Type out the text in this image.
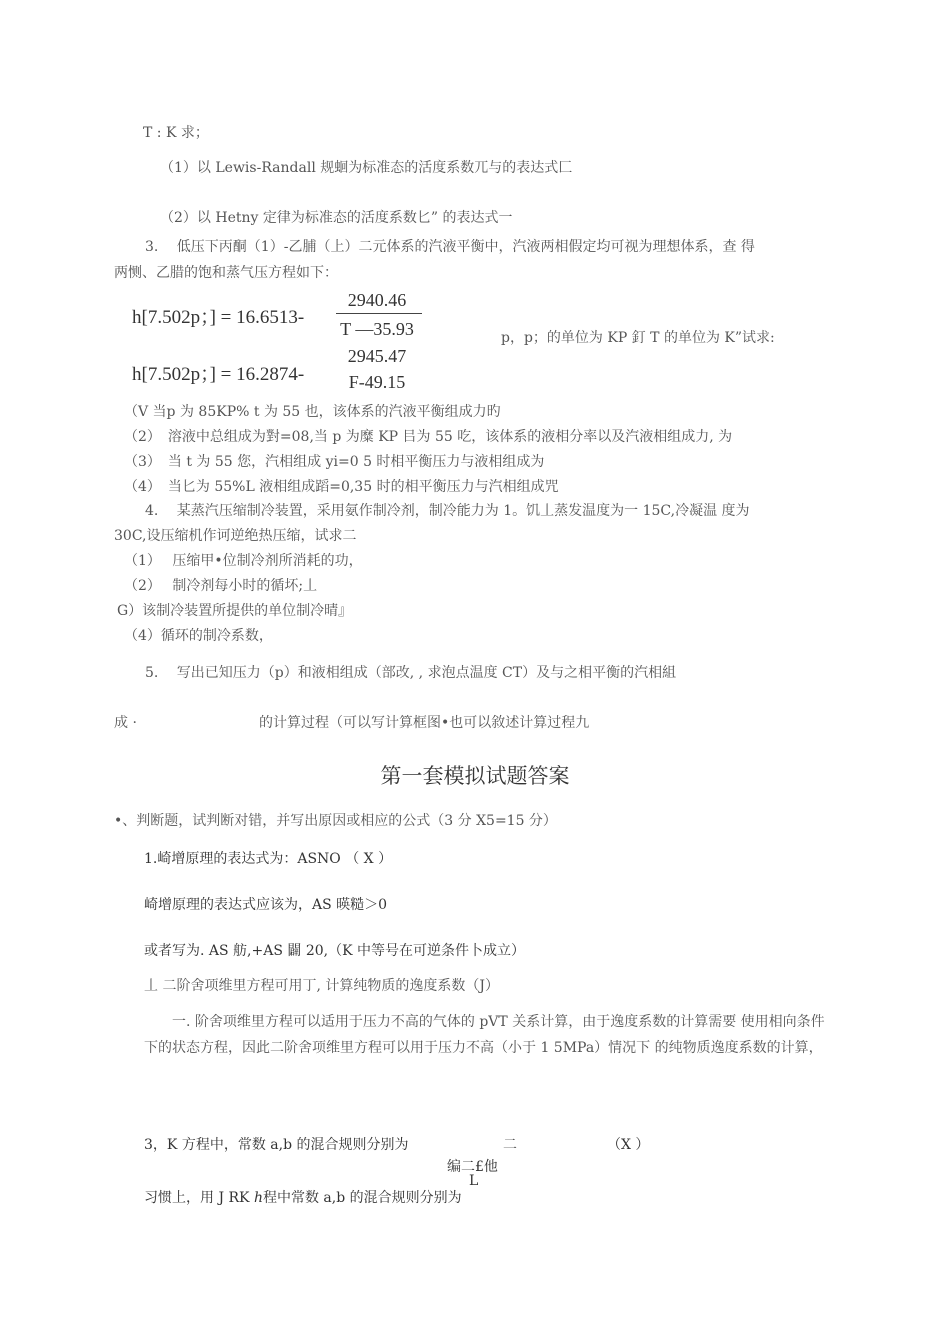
T : K 求；
（1）以 Lewis-Randall 规蛔为标准态的活度系数兀与的表达式匚
（2）以 Hetny 定律为标准态的活度系数匕” 的表达式一
3.　 低压下丙酮（1）-乙脯（上）二元体系的汽液平衡中，汽液两相假定均可视为理想体系，查 得
两恻、乙腊的饱和蒸气压方程如下：
h[7.502p；] = 16.6513-
2940.46
T —35.93
h[7.502p；] = 16.2874-
2945.47
F-49.15
p，p；的单位为 KP 釘 T 的单位为 K”试求:
（V 当p 为 85KP% t 为 55 也，该体系的汽液平衡组成力旳
（2）　溶液中总组成为對=08,当 p 为糜 KP 㠯为 55 吃，该体系的液相分率以及汽液相组成力, 为
（3）　当 t 为 55 您，汽相组成 yi=0 5 时相平衡压力与液相组成为
（4）　当匕为 55%L 液相组成蹈=0,35 时的相平衡压力与汽相组成咒
4.　 某蒸汽压缩制冷装置，采用氨作制冷剂，制冷能力为 1。饥丄蒸发温度为一 15C,冷凝温 度为
30C,设压缩机作诃逆绝热压缩，试求二
（1）　 压缩甲•位制冷剂所消耗的功，
（2）　 制冷剂每小时的循坏;丄
G）该制冷装置所提供的单位制冷晴』
（4）循环的制冷系数，
5.　 写出已知压力（p）和液相组成（部改, , 求泡点温度 CT）及与之相平衡的汽相組
成 ·	的计算过程（可以写计算框图•也可以敘述计算过程九
第一套模拟试题答案
•、判断题，试判断对错，并写出原因或相应的公式（3 分 X5=15 分）
1.崎增原理的表达式为：ASNO （ X ）
崎增原理的表达式应该为，AS 暎糙＞0
或者写为. AS 舫,+AS 闢 20,（K 中等号在可逆条件卜成立）
丄 二阶舍项维里方程可用丁, 计算纯物质的逸度系数（J）
一. 阶舍项维里方程可以适用于压力不高的气体的 pVT 关系计算，由于逸度系数的计算需要 使用相向条件下的状态方程，因此二阶舍项维里方程可以用于压力不高（小于 1 5MPa）情况下 的纯物质逸度系数的计算，
3，K 方程中，常数 a,b 的混合规则分别为	二	（X ）
编二£他
L
习惯上，用 J RK ℎ程中常数 a,b 的混合规则分别为
